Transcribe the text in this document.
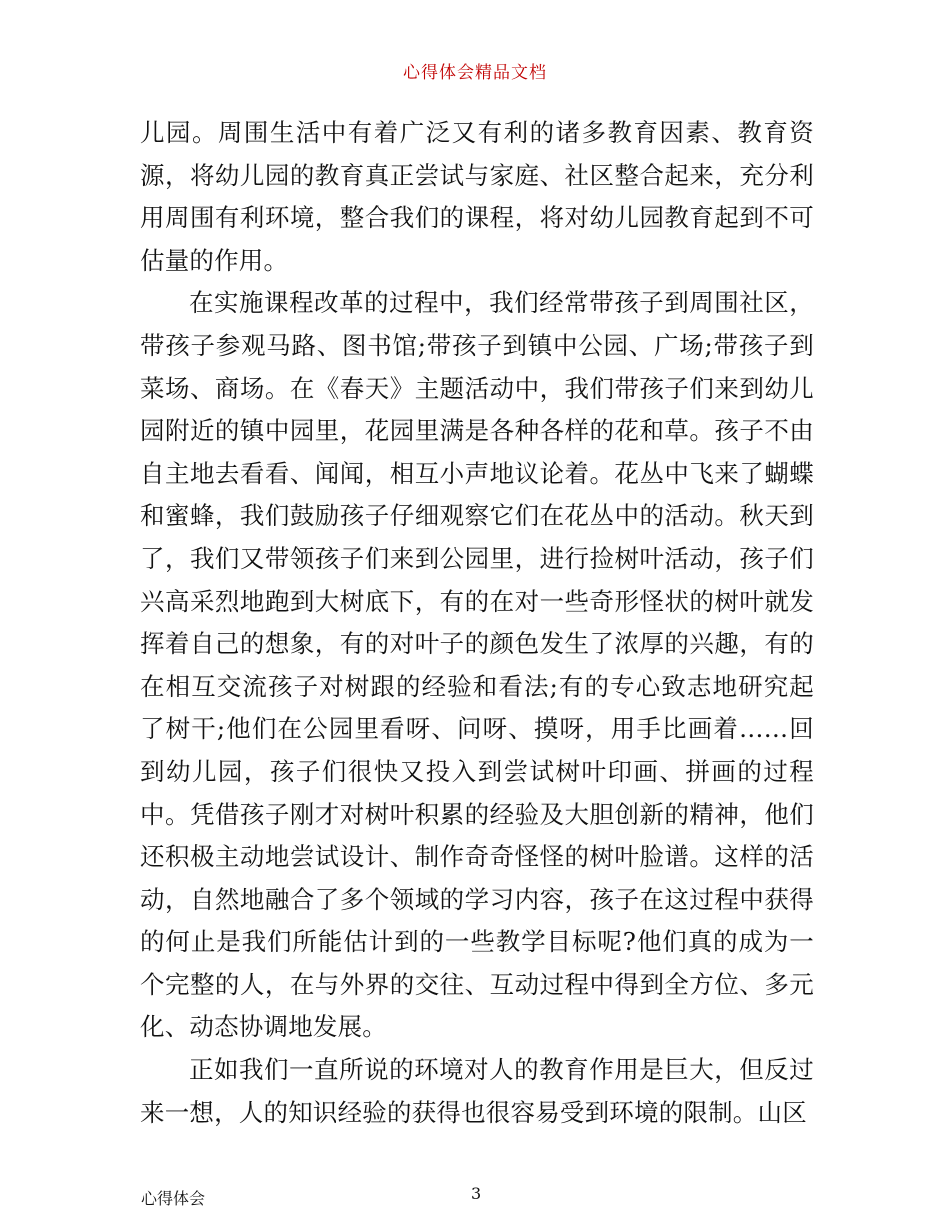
心得体会精品文档

儿园。周围生活中有着广泛又有利的诸多教育因素、教育资源，将幼儿园的教育真正尝试与家庭、社区整合起来，充分利用周围有利环境，整合我们的课程，将对幼儿园教育起到不可估量的作用。

在实施课程改革的过程中，我们经常带孩子到周围社区，带孩子参观马路、图书馆;带孩子到镇中公园、广场;带孩子到菜场、商场。在《春天》主题活动中，我们带孩子们来到幼儿园附近的镇中园里，花园里满是各种各样的花和草。孩子不由自主地去看看、闻闻，相互小声地议论着。花丛中飞来了蝴蝶和蜜蜂，我们鼓励孩子仔细观察它们在花丛中的活动。秋天到了，我们又带领孩子们来到公园里，进行捡树叶活动，孩子们兴高采烈地跑到大树底下，有的在对一些奇形怪状的树叶就发挥着自己的想象，有的对叶子的颜色发生了浓厚的兴趣，有的在相互交流孩子对树跟的经验和看法;有的专心致志地研究起了树干;他们在公园里看呀、问呀、摸呀，用手比画着……回到幼儿园，孩子们很快又投入到尝试树叶印画、拼画的过程中。凭借孩子刚才对树叶积累的经验及大胆创新的精神，他们还积极主动地尝试设计、制作奇奇怪怪的树叶脸谱。这样的活动，自然地融合了多个领域的学习内容，孩子在这过程中获得的何止是我们所能估计到的一些教学目标呢?他们真的成为一个完整的人，在与外界的交往、互动过程中得到全方位、多元化、动态协调地发展。

正如我们一直所说的环境对人的教育作用是巨大，但反过来一想，人的知识经验的获得也很容易受到环境的限制。山区

心得体会	3
